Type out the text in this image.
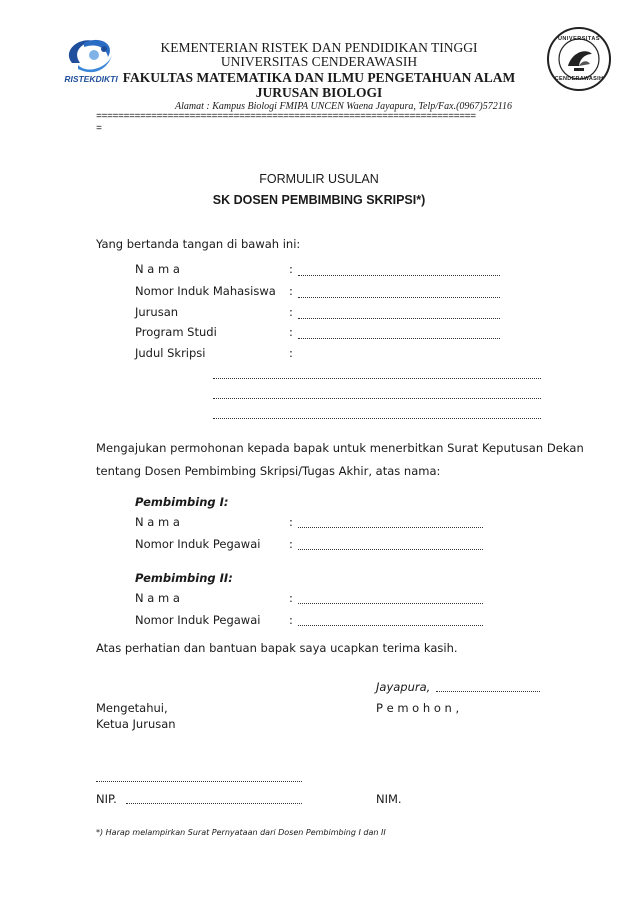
RISTEKDIKTI
UNIVERSITAS
CENDERAWASIH
KEMENTERIAN RISTEK DAN PENDIDIKAN TINGGI
UNIVERSITAS CENDERAWASIH
FAKULTAS MATEMATIKA DAN ILMU PENGETAHUAN ALAM
JURUSAN BIOLOGI
Alamat : Kampus Biologi FMIPA UNCEN Waena Jayapura, Telp/Fax.(0967)572116
=====================================================================
=
FORMULIR USULAN
SK DOSEN PEMBIMBING SKRIPSI*)
Yang bertanda tangan di bawah ini:
N a m a	:
Nomor Induk Mahasiswa :
Jurusan	:
Program Studi	:
Judul Skripsi	:
Mengajukan permohonan kepada bapak untuk menerbitkan Surat Keputusan Dekan
tentang Dosen Pembimbing Skripsi/Tugas Akhir, atas nama:
Pembimbing I:
N a m a	:
Nomor Induk Pegawai :
Pembimbing II:
N a m a	:
Nomor Induk Pegawai :
Atas perhatian dan bantuan bapak saya ucapkan terima kasih.
Jayapura,
Mengetahui,	P e m o h o n ,
Ketua Jurusan
NIP.	NIM.
*) Harap melampirkan Surat Pernyataan dari Dosen Pembimbing I dan II
